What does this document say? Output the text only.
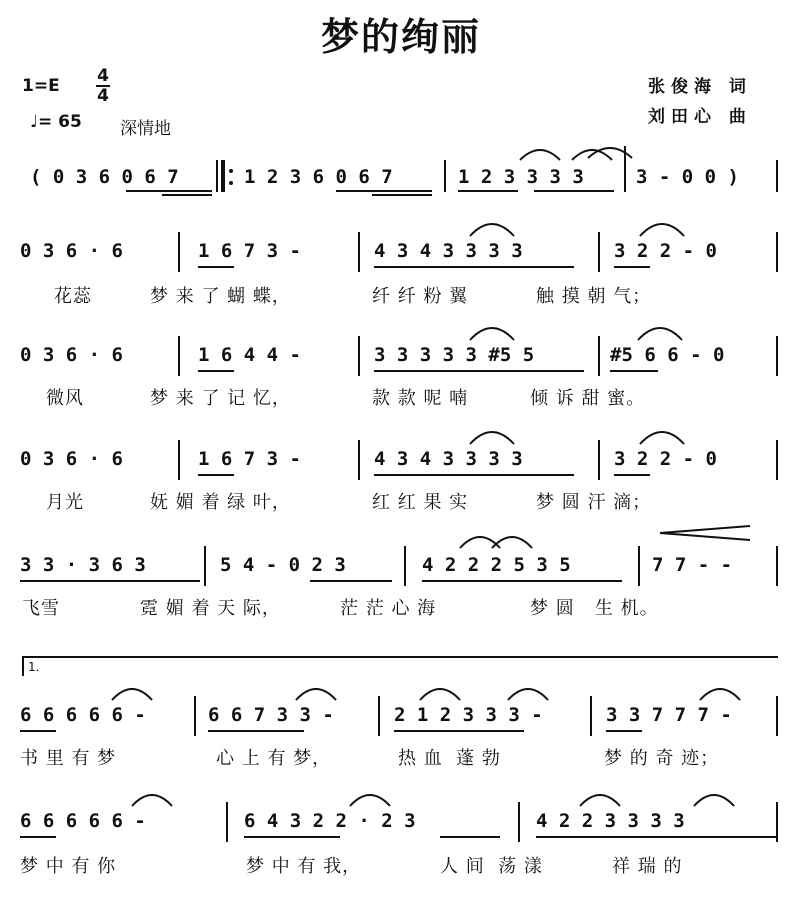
梦的绚丽
1=E 4
4
♩= 65 深情地
张俊海 词
刘田心 曲
( 0 3 6 0 6 7	1 2 3 6 0 6 7	1 2 3 3 3 3	3 - 0 0 )
0 3 6 · 6	1 6 7 3 -	4 3 4 3 3 3 3	3 2 2 - 0
花蕊	梦 来 了 蝴 蝶，	纤 纤 粉 翼	触 摸 朝 气；
0 3 6 · 6	1 6 4 4 -	3 3 3 3 3 #5 5	#5 6 6 - 0
微风	梦 来 了 记 忆，	款 款 呢 喃	倾 诉 甜 蜜。
0 3 6 · 6	1 6 7 3 -	4 3 4 3 3 3 3	3 2 2 - 0
月光	妩 媚 着 绿 叶，	红 红 果 实	梦 圆 汗 滴；
3 3 · 3 6 3	5 4 - 0 2 3	4 2 2 2 5 3 5	7 7 - -
飞雪	霓 媚 着 天 际，	茫 茫 心 海	梦 圆   生 机。
1.
6 6 6 6 6 -	6 6 7 3 3 -	2 1 2 3 3 3 -	3 3 7 7 7 -
书 里 有 梦	心 上 有 梦，	热 血  蓬 勃	梦 的 奇 迹；
6 6 6 6 6 -	6 4 3 2 2 · 2 3	4 2 2 3 3 3 3
梦 中 有 你	梦 中 有 我，	人 间  荡 漾	祥 瑞 的
